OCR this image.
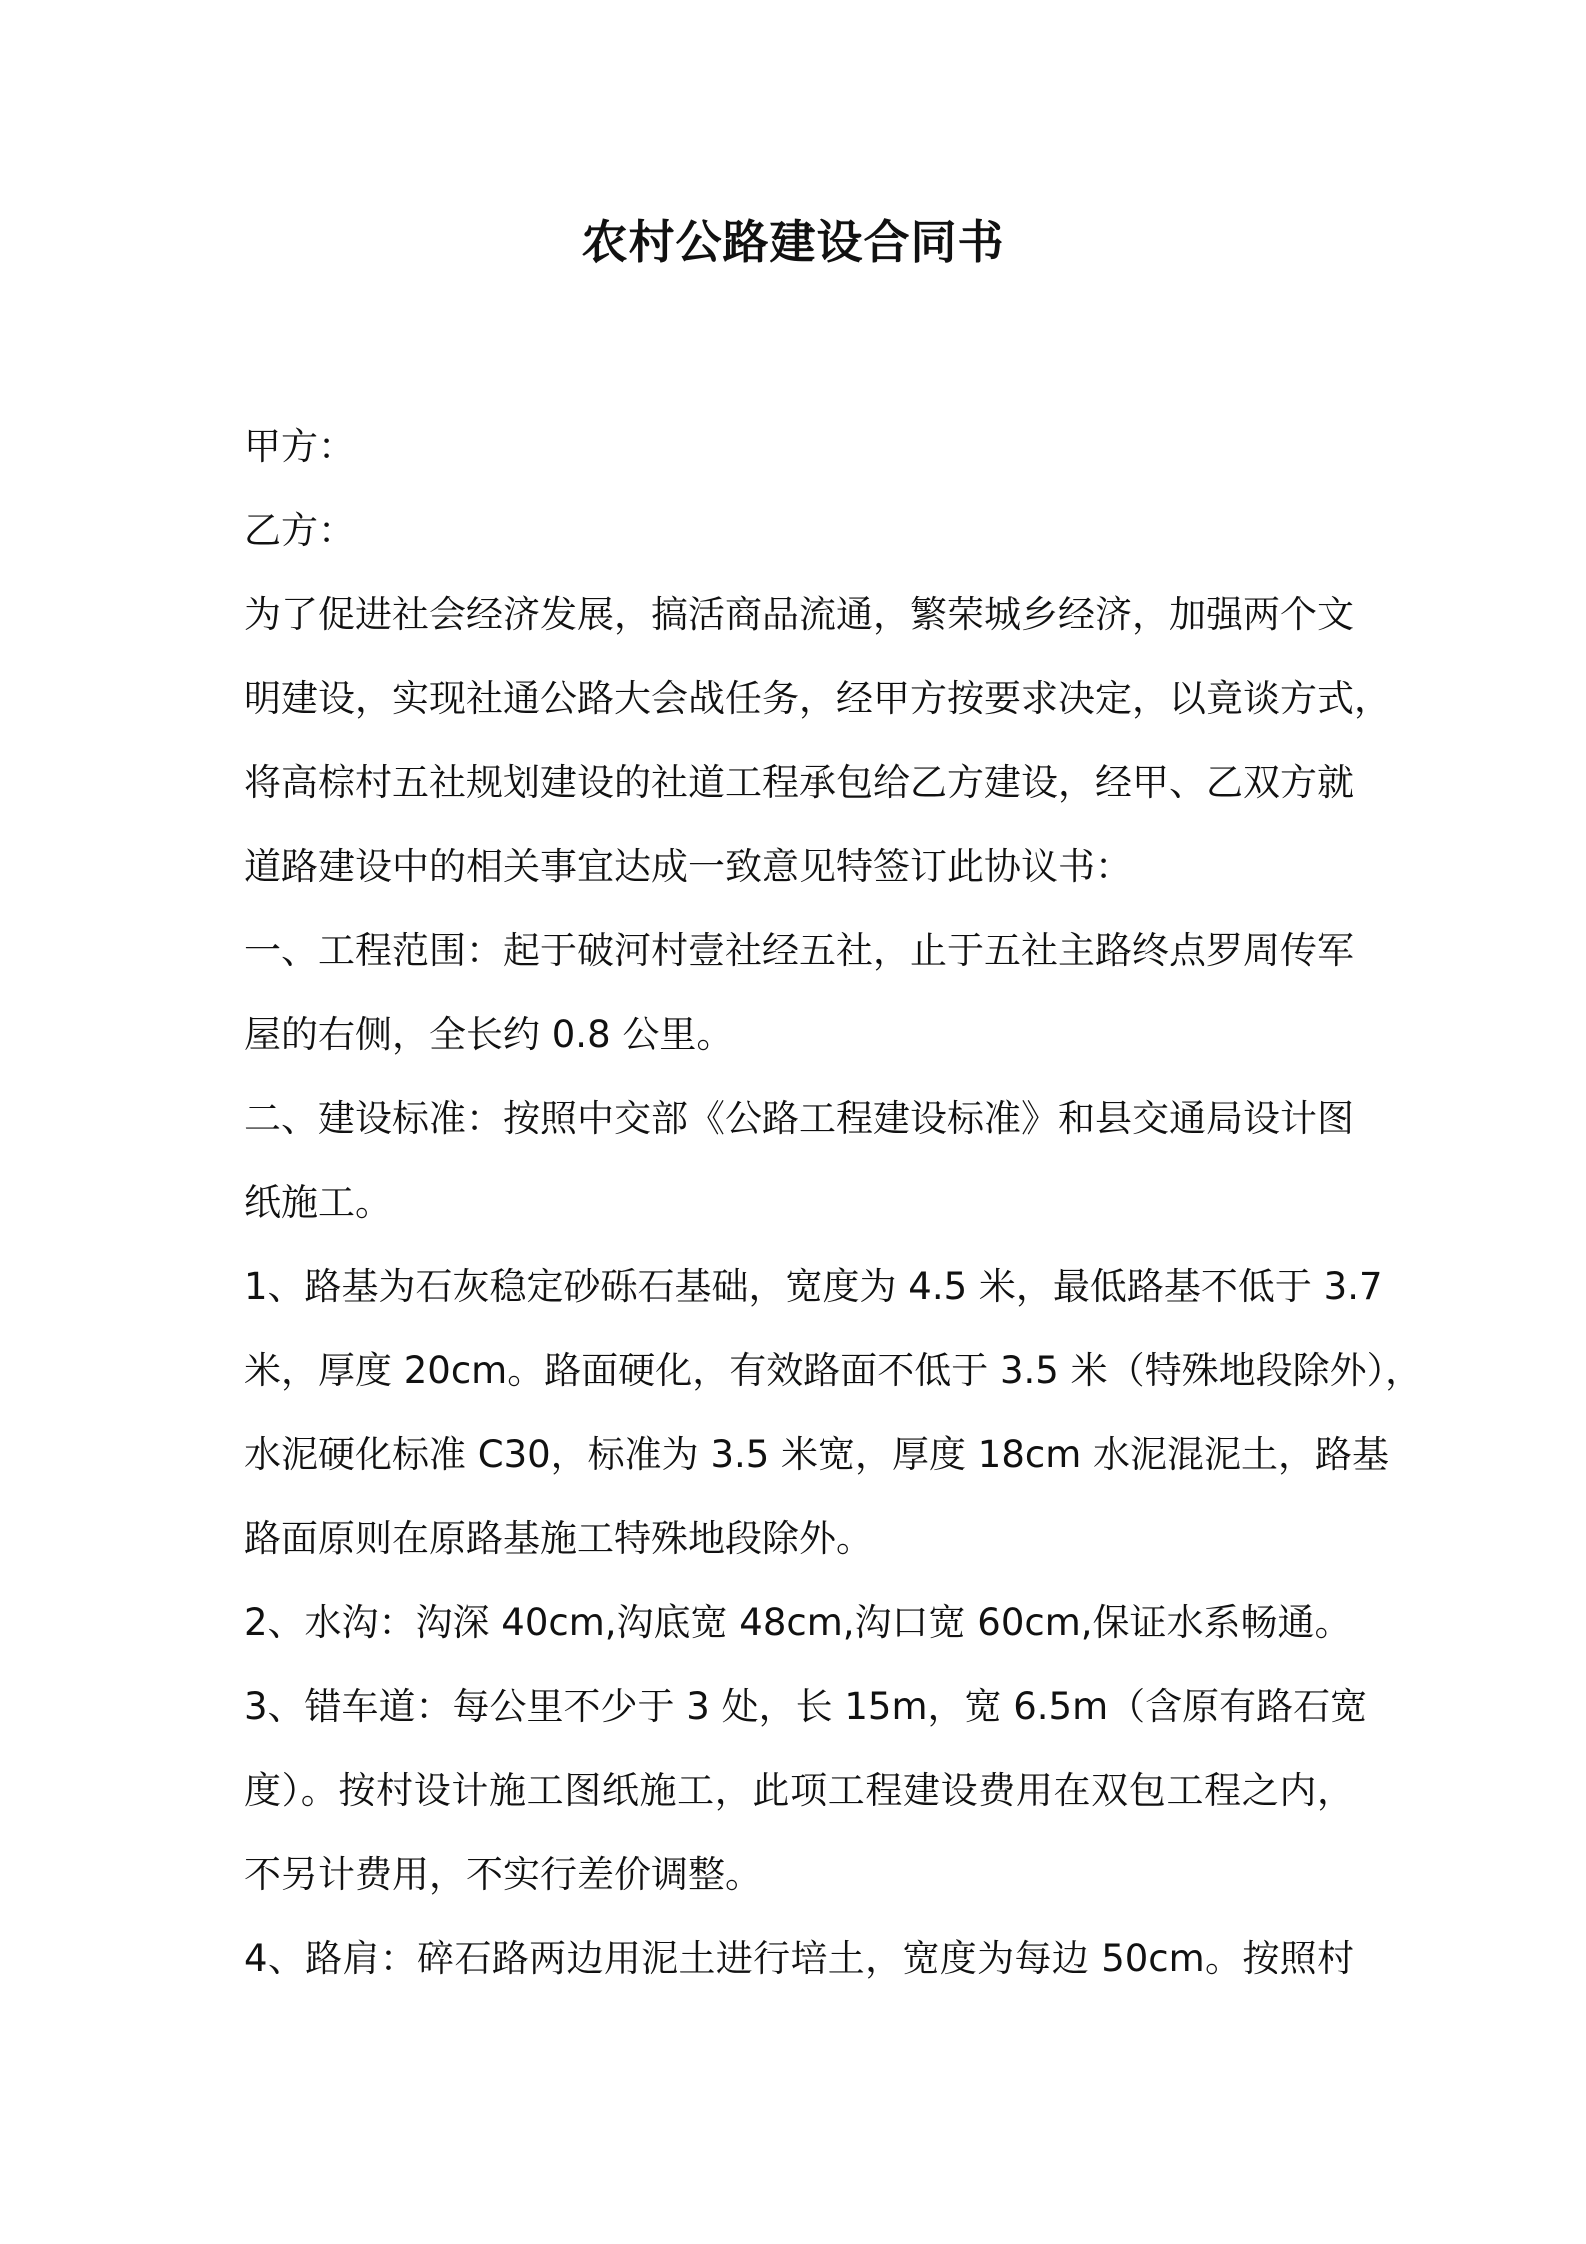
农村公路建设合同书
甲方：
乙方：
为了促进社会经济发展，搞活商品流通，繁荣城乡经济，加强两个文
明建设，实现社通公路大会战任务，经甲方按要求决定，以竟谈方式，
将高棕村五社规划建设的社道工程承包给乙方建设，经甲、乙双方就
道路建设中的相关事宜达成一致意见特签订此协议书：
一、工程范围：起于破河村壹社经五社，止于五社主路终点罗周传军
屋的右侧，全长约 0.8 公里。
二、建设标准：按照中交部《公路工程建设标准》和县交通局设计图
纸施工。
1、路基为石灰稳定砂砾石基础，宽度为 4.5 米，最低路基不低于 3.7
米，厚度 20cm。路面硬化，有效路面不低于 3.5 米（特殊地段除外），
水泥硬化标准 C30，标准为 3.5 米宽，厚度 18cm 水泥混泥土，路基
路面原则在原路基施工特殊地段除外。
2、水沟：沟深 40cm,沟底宽 48cm,沟口宽 60cm,保证水系畅通。
3、错车道：每公里不少于 3 处，长 15m，宽 6.5m（含原有路石宽
度）。按村设计施工图纸施工，此项工程建设费用在双包工程之内，
不另计费用，不实行差价调整。
4、路肩：碎石路两边用泥土进行培土，宽度为每边 50cm。按照村
